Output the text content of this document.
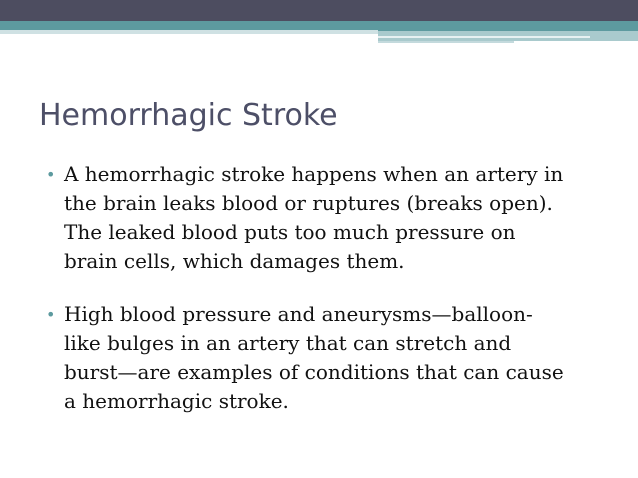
Hemorrhagic Stroke
• A hemorrhagic stroke happens when an artery in
the brain leaks blood or ruptures (breaks open).
The leaked blood puts too much pressure on
brain cells, which damages them.
• High blood pressure and aneurysms—balloon-
like bulges in an artery that can stretch and
burst—are examples of conditions that can cause
a hemorrhagic stroke.
